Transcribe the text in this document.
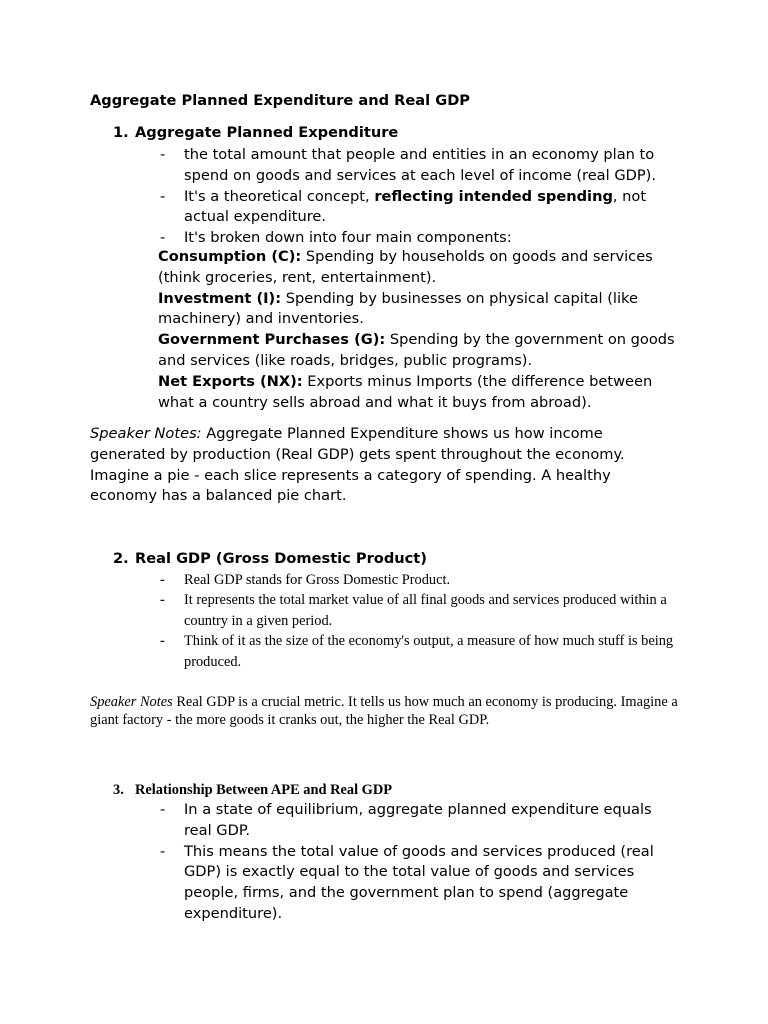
Aggregate Planned Expenditure and Real GDP
1. Aggregate Planned Expenditure
- the total amount that people and entities in an economy plan to spend on goods and services at each level of income (real GDP).
- It's a theoretical concept, reflecting intended spending, not actual expenditure.
- It's broken down into four main components:

Consumption (C): Spending by households on goods and services (think groceries, rent, entertainment).

Investment (I): Spending by businesses on physical capital (like machinery) and inventories.

Government Purchases (G): Spending by the government on goods and services (like roads, bridges, public programs).

Net Exports (NX): Exports minus Imports (the difference between what a country sells abroad and what it buys from abroad).

Speaker Notes: Aggregate Planned Expenditure shows us how income generated by production (Real GDP) gets spent throughout the economy. Imagine a pie - each slice represents a category of spending. A healthy economy has a balanced pie chart.

2. Real GDP (Gross Domestic Product)
- Real GDP stands for Gross Domestic Product.
- It represents the total market value of all final goods and services produced within a country in a given period.
- Think of it as the size of the economy's output, a measure of how much stuff is being produced.

Speaker Notes Real GDP is a crucial metric. It tells us how much an economy is producing. Imagine a giant factory - the more goods it cranks out, the higher the Real GDP.

3. Relationship Between APE and Real GDP
- In a state of equilibrium, aggregate planned expenditure equals real GDP.
- This means the total value of goods and services produced (real GDP) is exactly equal to the total value of goods and services people, firms, and the government plan to spend (aggregate expenditure).
